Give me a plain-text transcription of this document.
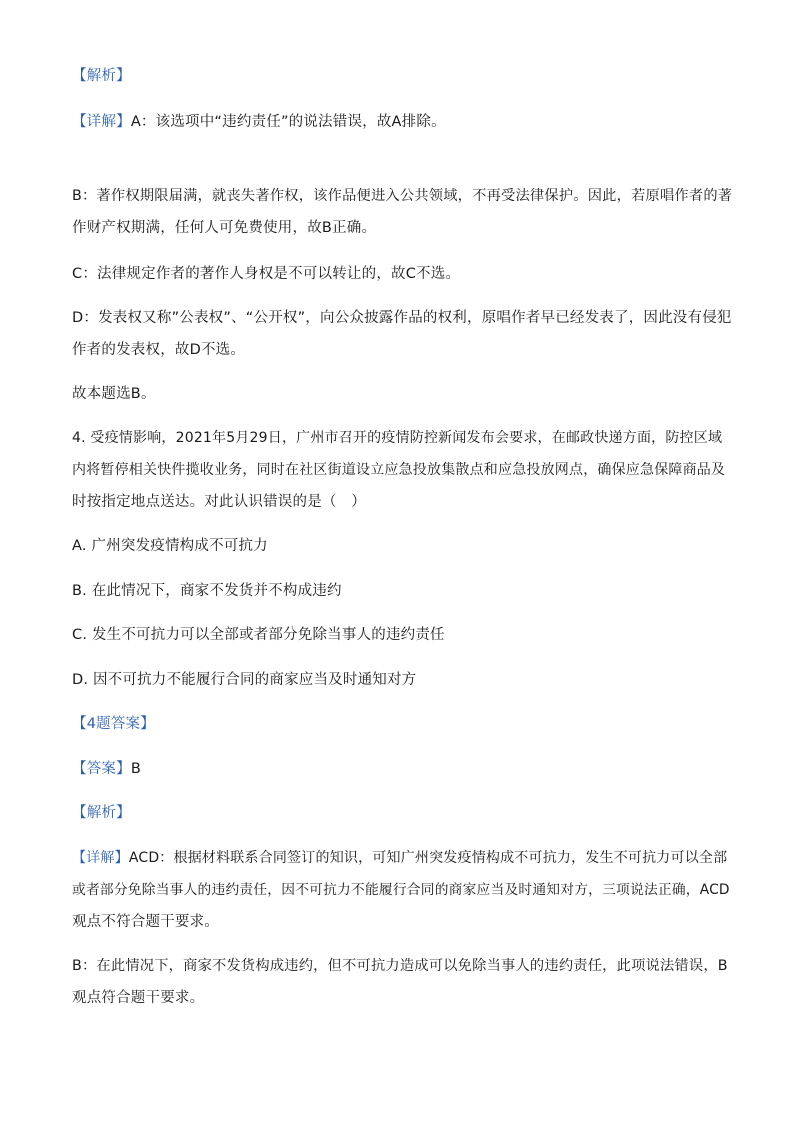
【解析】
【详解】A：该选项中“违约责任”的说法错误，故A排除。
B：著作权期限届满，就丧失著作权，该作品便进入公共领域，不再受法律保护。因此，若原唱作者的著
作财产权期满，任何人可免费使用，故B正确。
C：法律规定作者的著作人身权是不可以转让的，故C不选。
D：发表权又称”公表权”、“公开权”，向公众披露作品的权利，原唱作者早已经发表了，因此没有侵犯
作者的发表权，故D不选。
故本题选B。
4. 受疫情影响，2021年5月29日，广州市召开的疫情防控新闻发布会要求，在邮政快递方面，防控区域
内将暂停相关快件揽收业务，同时在社区街道设立应急投放集散点和应急投放网点，确保应急保障商品及
时按指定地点送达。对此认识错误的是（　）
A. 广州突发疫情构成不可抗力
B. 在此情况下，商家不发货并不构成违约
C. 发生不可抗力可以全部或者部分免除当事人的违约责任
D. 因不可抗力不能履行合同的商家应当及时通知对方
【4题答案】
【答案】B
【解析】
【详解】ACD：根据材料联系合同签订的知识，可知广州突发疫情构成不可抗力，发生不可抗力可以全部
或者部分免除当事人的违约责任，因不可抗力不能履行合同的商家应当及时通知对方，三项说法正确，ACD
观点不符合题干要求。
B：在此情况下，商家不发货构成违约，但不可抗力造成可以免除当事人的违约责任，此项说法错误，B
观点符合题干要求。
